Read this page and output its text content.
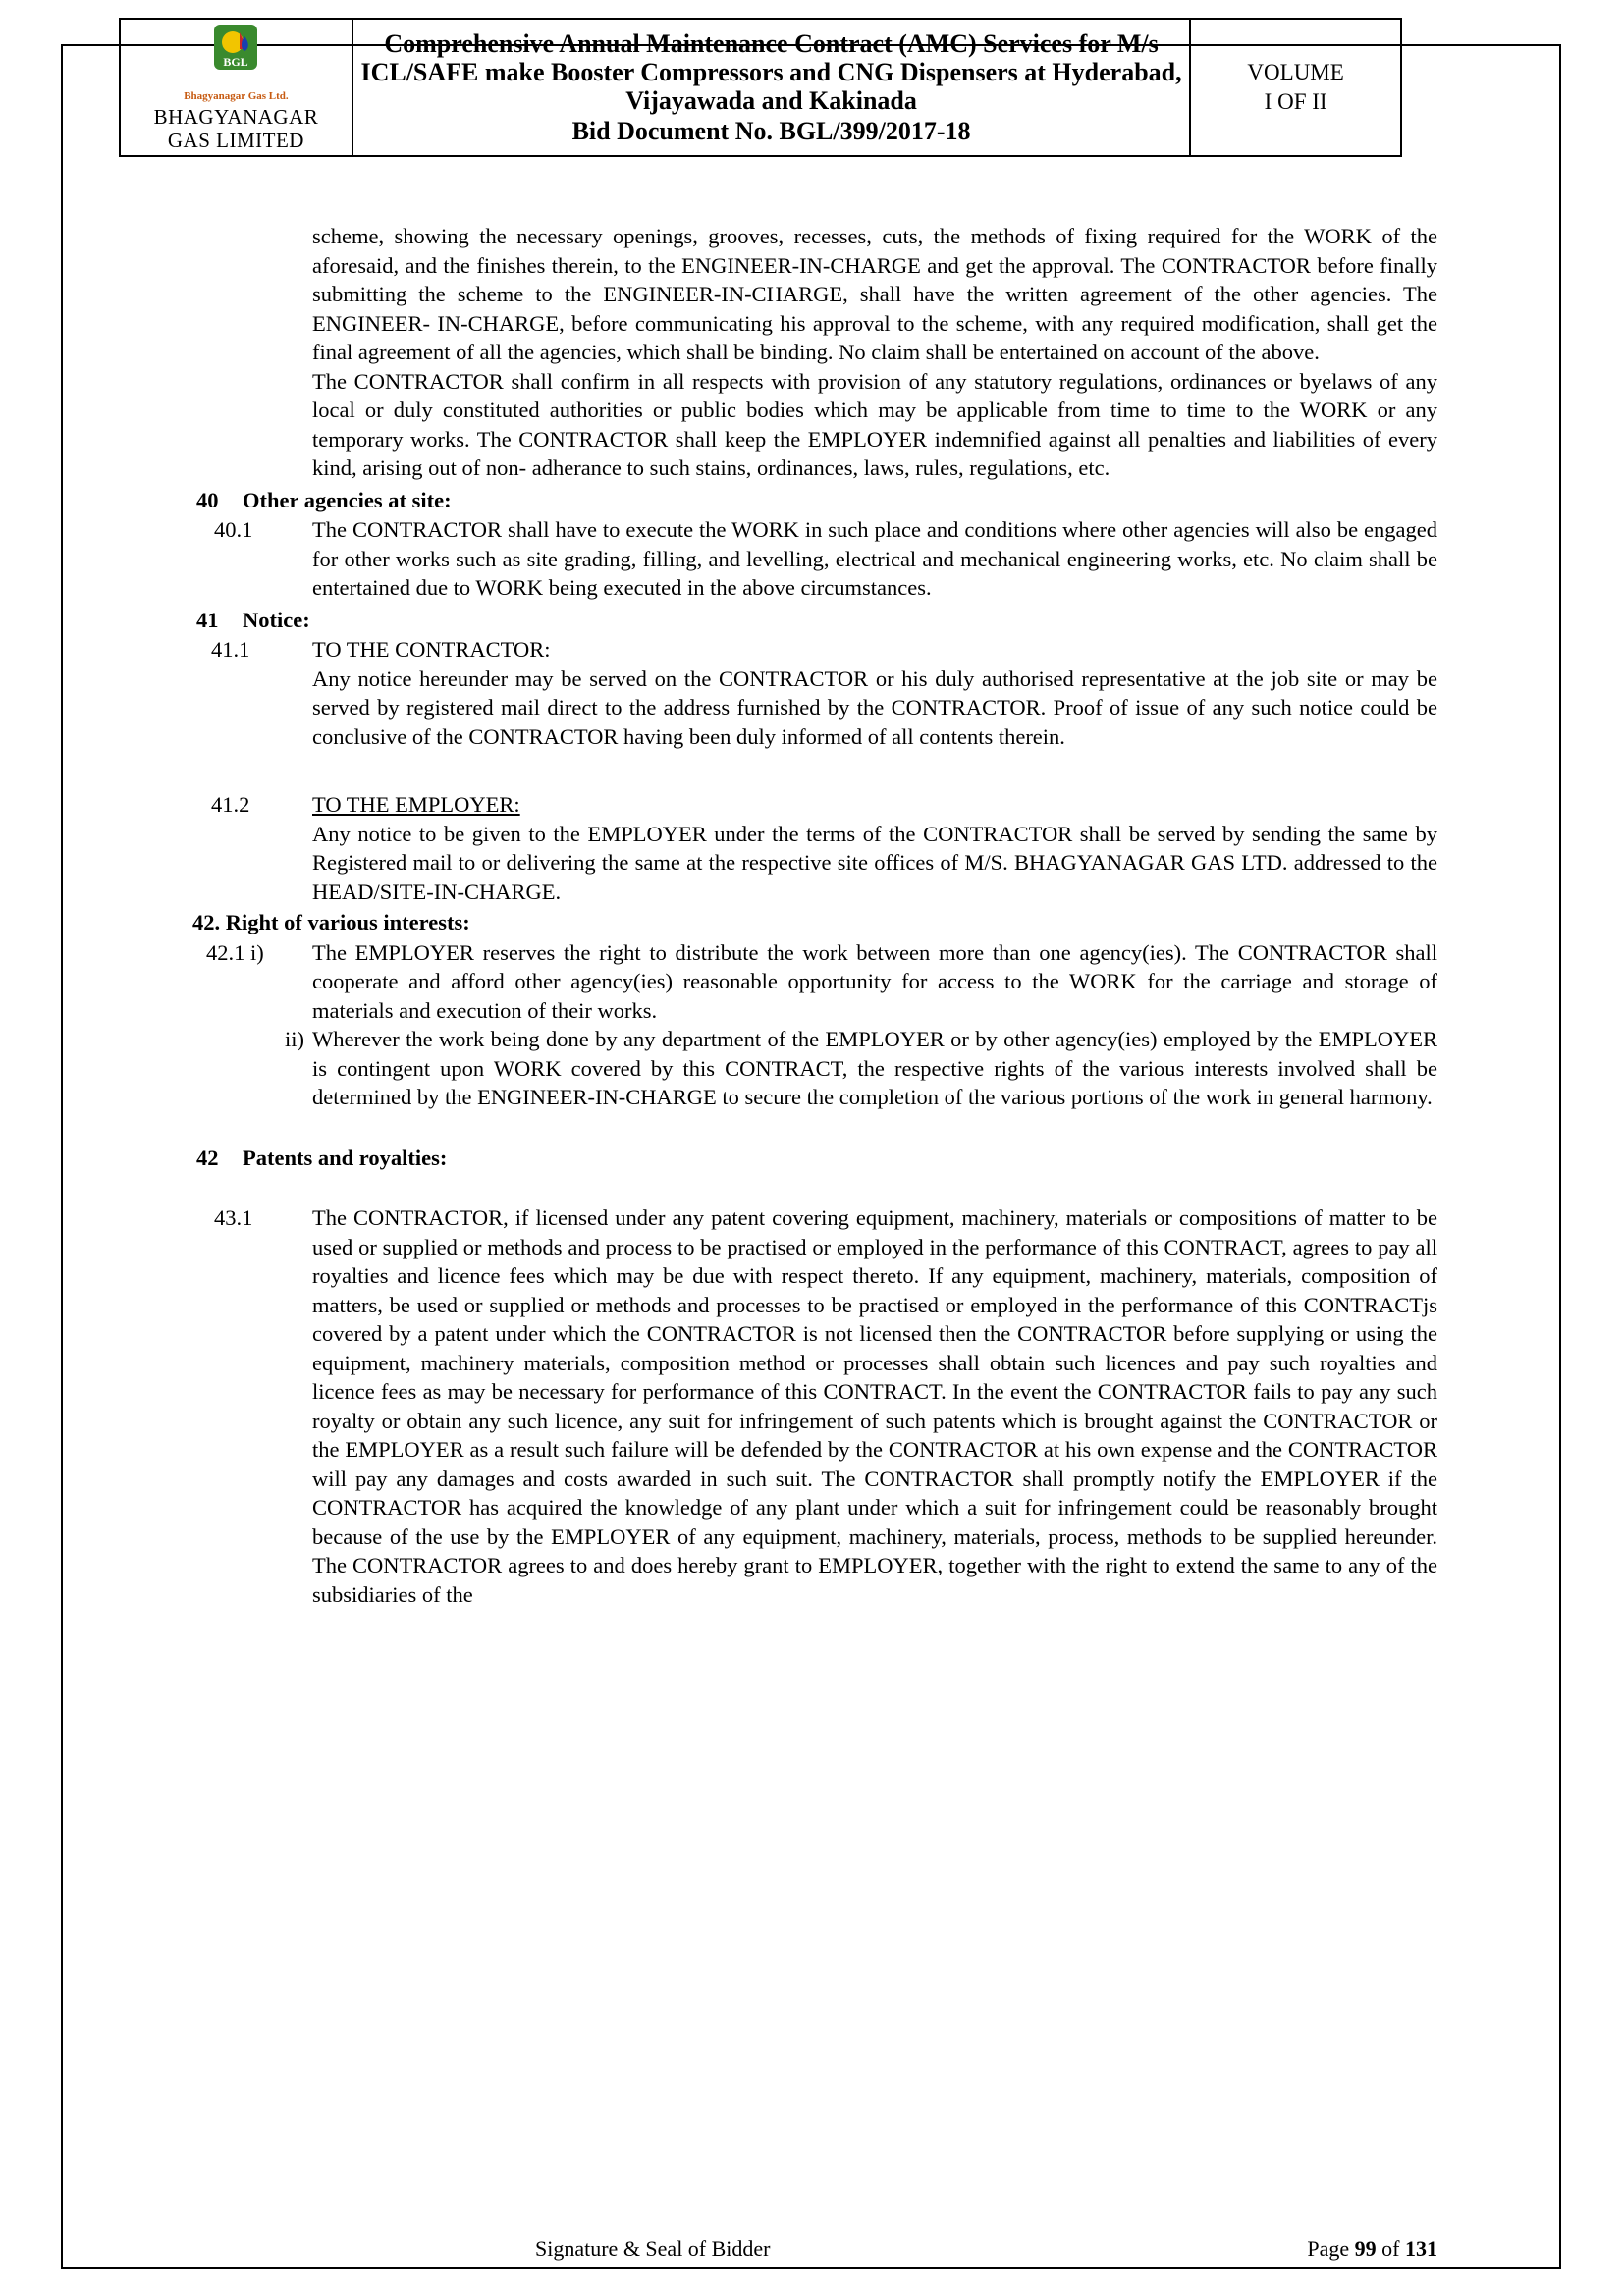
BGL
Bhagyanagar Gas Ltd.
BHAGYANAGAR
GAS LIMITED

Comprehensive Annual Maintenance Contract (AMC) Services for M/s ICL/SAFE make Booster Compressors and CNG Dispensers at Hyderabad, Vijayawada and Kakinada
Bid Document No. BGL/399/2017-18

VOLUME
I OF II
scheme, showing the necessary openings, grooves, recesses, cuts, the methods of fixing required for the WORK of the aforesaid, and the finishes therein, to the ENGINEER-IN-CHARGE and get the approval. The CONTRACTOR before finally submitting the scheme to the ENGINEER-IN-CHARGE, shall have the written agreement of the other agencies. The ENGINEER- IN-CHARGE, before communicating his approval to the scheme, with any required modification, shall get the final agreement of all the agencies, which shall be binding. No claim shall be entertained on account of the above.
The CONTRACTOR shall confirm in all respects with provision of any statutory regulations, ordinances or byelaws of any local or duly constituted authorities or public bodies which may be applicable from time to time to the WORK or any temporary works. The CONTRACTOR shall keep the EMPLOYER indemnified against all penalties and liabilities of every kind, arising out of non- adherance to such stains, ordinances, laws, rules, regulations, etc.
40	Other agencies at site:
40.1	The CONTRACTOR shall have to execute the WORK in such place and conditions where other agencies will also be engaged for other works such as site grading, filling, and levelling, electrical and mechanical engineering works, etc. No claim shall be entertained due to WORK being executed in the above circumstances.
41	Notice:
41.1	TO THE CONTRACTOR:
Any notice hereunder may be served on the CONTRACTOR or his duly authorised representative at the job site or may be served by registered mail direct to the address furnished by the CONTRACTOR. Proof of issue of any such notice could be conclusive of the CONTRACTOR having been duly informed of all contents therein.
41.2	TO THE EMPLOYER:
Any notice to be given to the EMPLOYER under the terms of the CONTRACTOR shall be served by sending the same by Registered mail to or delivering the same at the respective site offices of M/S. BHAGYANAGAR GAS LTD. addressed to the HEAD/SITE-IN-CHARGE.
42. Right of various interests:
42.1 i)	The EMPLOYER reserves the right to distribute the work between more than one agency(ies). The CONTRACTOR shall cooperate and afford other agency(ies) reasonable opportunity for access to the WORK for the carriage and storage of materials and execution of their works.
ii) Wherever the work being done by any department of the EMPLOYER or by other agency(ies) employed by the EMPLOYER is contingent upon WORK covered by this CONTRACT, the respective rights of the various interests involved shall be determined by the ENGINEER-IN-CHARGE to secure the completion of the various portions of the work in general harmony.
42	Patents and royalties:
43.1	The CONTRACTOR, if licensed under any patent covering equipment, machinery, materials or compositions of matter to be used or supplied or methods and process to be practised or employed in the performance of this CONTRACT, agrees to pay all royalties and licence fees which may be due with respect thereto. If any equipment, machinery, materials, composition of matters, be used or supplied or methods and processes to be practised or employed in the performance of this CONTRACTjs covered by a patent under which the CONTRACTOR is not licensed then the CONTRACTOR before supplying or using the equipment, machinery materials, composition method or processes shall obtain such licences and pay such royalties and licence fees as may be necessary for performance of this CONTRACT. In the event the CONTRACTOR fails to pay any such royalty or obtain any such licence, any suit for infringement of such patents which is brought against the CONTRACTOR or the EMPLOYER as a result such failure will be defended by the CONTRACTOR at his own expense and the CONTRACTOR will pay any damages and costs awarded in such suit. The CONTRACTOR shall promptly notify the EMPLOYER if the CONTRACTOR has acquired the knowledge of any plant under which a suit for infringement could be reasonably brought because of the use by the EMPLOYER of any equipment, machinery, materials, process, methods to be supplied hereunder. The CONTRACTOR agrees to and does hereby grant to EMPLOYER, together with the right to extend the same to any of the subsidiaries of the
Signature & Seal of Bidder	Page 99 of 131
